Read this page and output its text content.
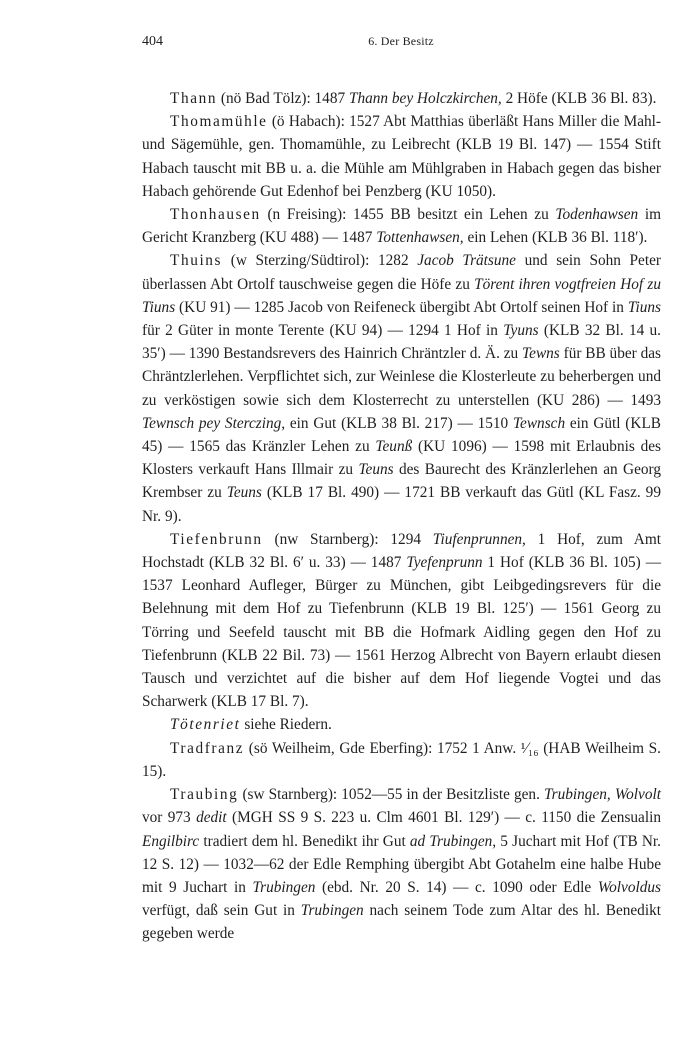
404	6. Der Besitz

Thann (nö Bad Tölz): 1487 Thann bey Holczkirchen, 2 Höfe (KLB 36 Bl. 83).

Thomamühle (ö Habach): 1527 Abt Matthias überläßt Hans Miller die Mahl- und Sägemühle, gen. Thomamühle, zu Leibrecht (KLB 19 Bl. 147) — 1554 Stift Habach tauscht mit BB u. a. die Mühle am Mühlgraben in Habach gegen das bisher Habach gehörende Gut Edenhof bei Penzberg (KU 1050).

Thonhausen (n Freising): 1455 BB besitzt ein Lehen zu Todenhawsen im Gericht Kranzberg (KU 488) — 1487 Tottenhawsen, ein Lehen (KLB 36 Bl. 118′).

Thuins (w Sterzing/Südtirol): 1282 Jacob Trätsune und sein Sohn Peter überlassen Abt Ortolf tauschweise gegen die Höfe zu Törent ihren vogtfreien Hof zu Tiuns (KU 91) — 1285 Jacob von Reifeneck übergibt Abt Ortolf seinen Hof in Tiuns für 2 Güter in monte Terente (KU 94) — 1294 1 Hof in Tyuns (KLB 32 Bl. 14 u. 35′) — 1390 Bestandsrevers des Hainrich Chräntzler d. Ä. zu Tewns für BB über das Chräntzlerlehen. Verpflichtet sich, zur Weinlese die Klosterleute zu beherbergen und zu verköstigen sowie sich dem Klosterrecht zu unterstellen (KU 286) — 1493 Tewnsch pey Sterczing, ein Gut (KLB 38 Bl. 217) — 1510 Tewnsch ein Gütl (KLB 45) — 1565 das Kränzler Lehen zu Teunß (KU 1096) — 1598 mit Erlaubnis des Klosters verkauft Hans Illmair zu Teuns des Baurecht des Kränzlerlehen an Georg Krembser zu Teuns (KLB 17 Bl. 490) — 1721 BB verkauft das Gütl (KL Fasz. 99 Nr. 9).

Tiefenbrunn (nw Starnberg): 1294 Tiufenprunnen, 1 Hof, zum Amt Hochstadt (KLB 32 Bl. 6′ u. 33) — 1487 Tyefenprunn 1 Hof (KLB 36 Bl. 105) — 1537 Leonhard Aufleger, Bürger zu München, gibt Leibgedingsrevers für die Belehnung mit dem Hof zu Tiefenbrunn (KLB 19 Bl. 125′) — 1561 Georg zu Törring und Seefeld tauscht mit BB die Hofmark Aidling gegen den Hof zu Tiefenbrunn (KLB 22 Bil. 73) — 1561 Herzog Albrecht von Bayern erlaubt diesen Tausch und verzichtet auf die bisher auf dem Hof liegende Vogtei und das Scharwerk (KLB 17 Bl. 7).

Tötenriet siehe Riedern.

Tradfranz (sö Weilheim, Gde Eberfing): 1752 1 Anw. ¹⁄₁₆ (HAB Weilheim S. 15).

Traubing (sw Starnberg): 1052—55 in der Besitzliste gen. Trubingen, Wolvolt vor 973 dedit (MGH SS 9 S. 223 u. Clm 4601 Bl. 129′) — c. 1150 die Zensualin Engilbirc tradiert dem hl. Benedikt ihr Gut ad Trubingen, 5 Juchart mit Hof (TB Nr. 12 S. 12) — 1032—62 der Edle Remphing übergibt Abt Gotahelm eine halbe Hube mit 9 Juchart in Trubingen (ebd. Nr. 20 S. 14) — c. 1090 oder Edle Wolvoldus verfügt, daß sein Gut in Trubingen nach seinem Tode zum Altar des hl. Benedikt gegeben werde
